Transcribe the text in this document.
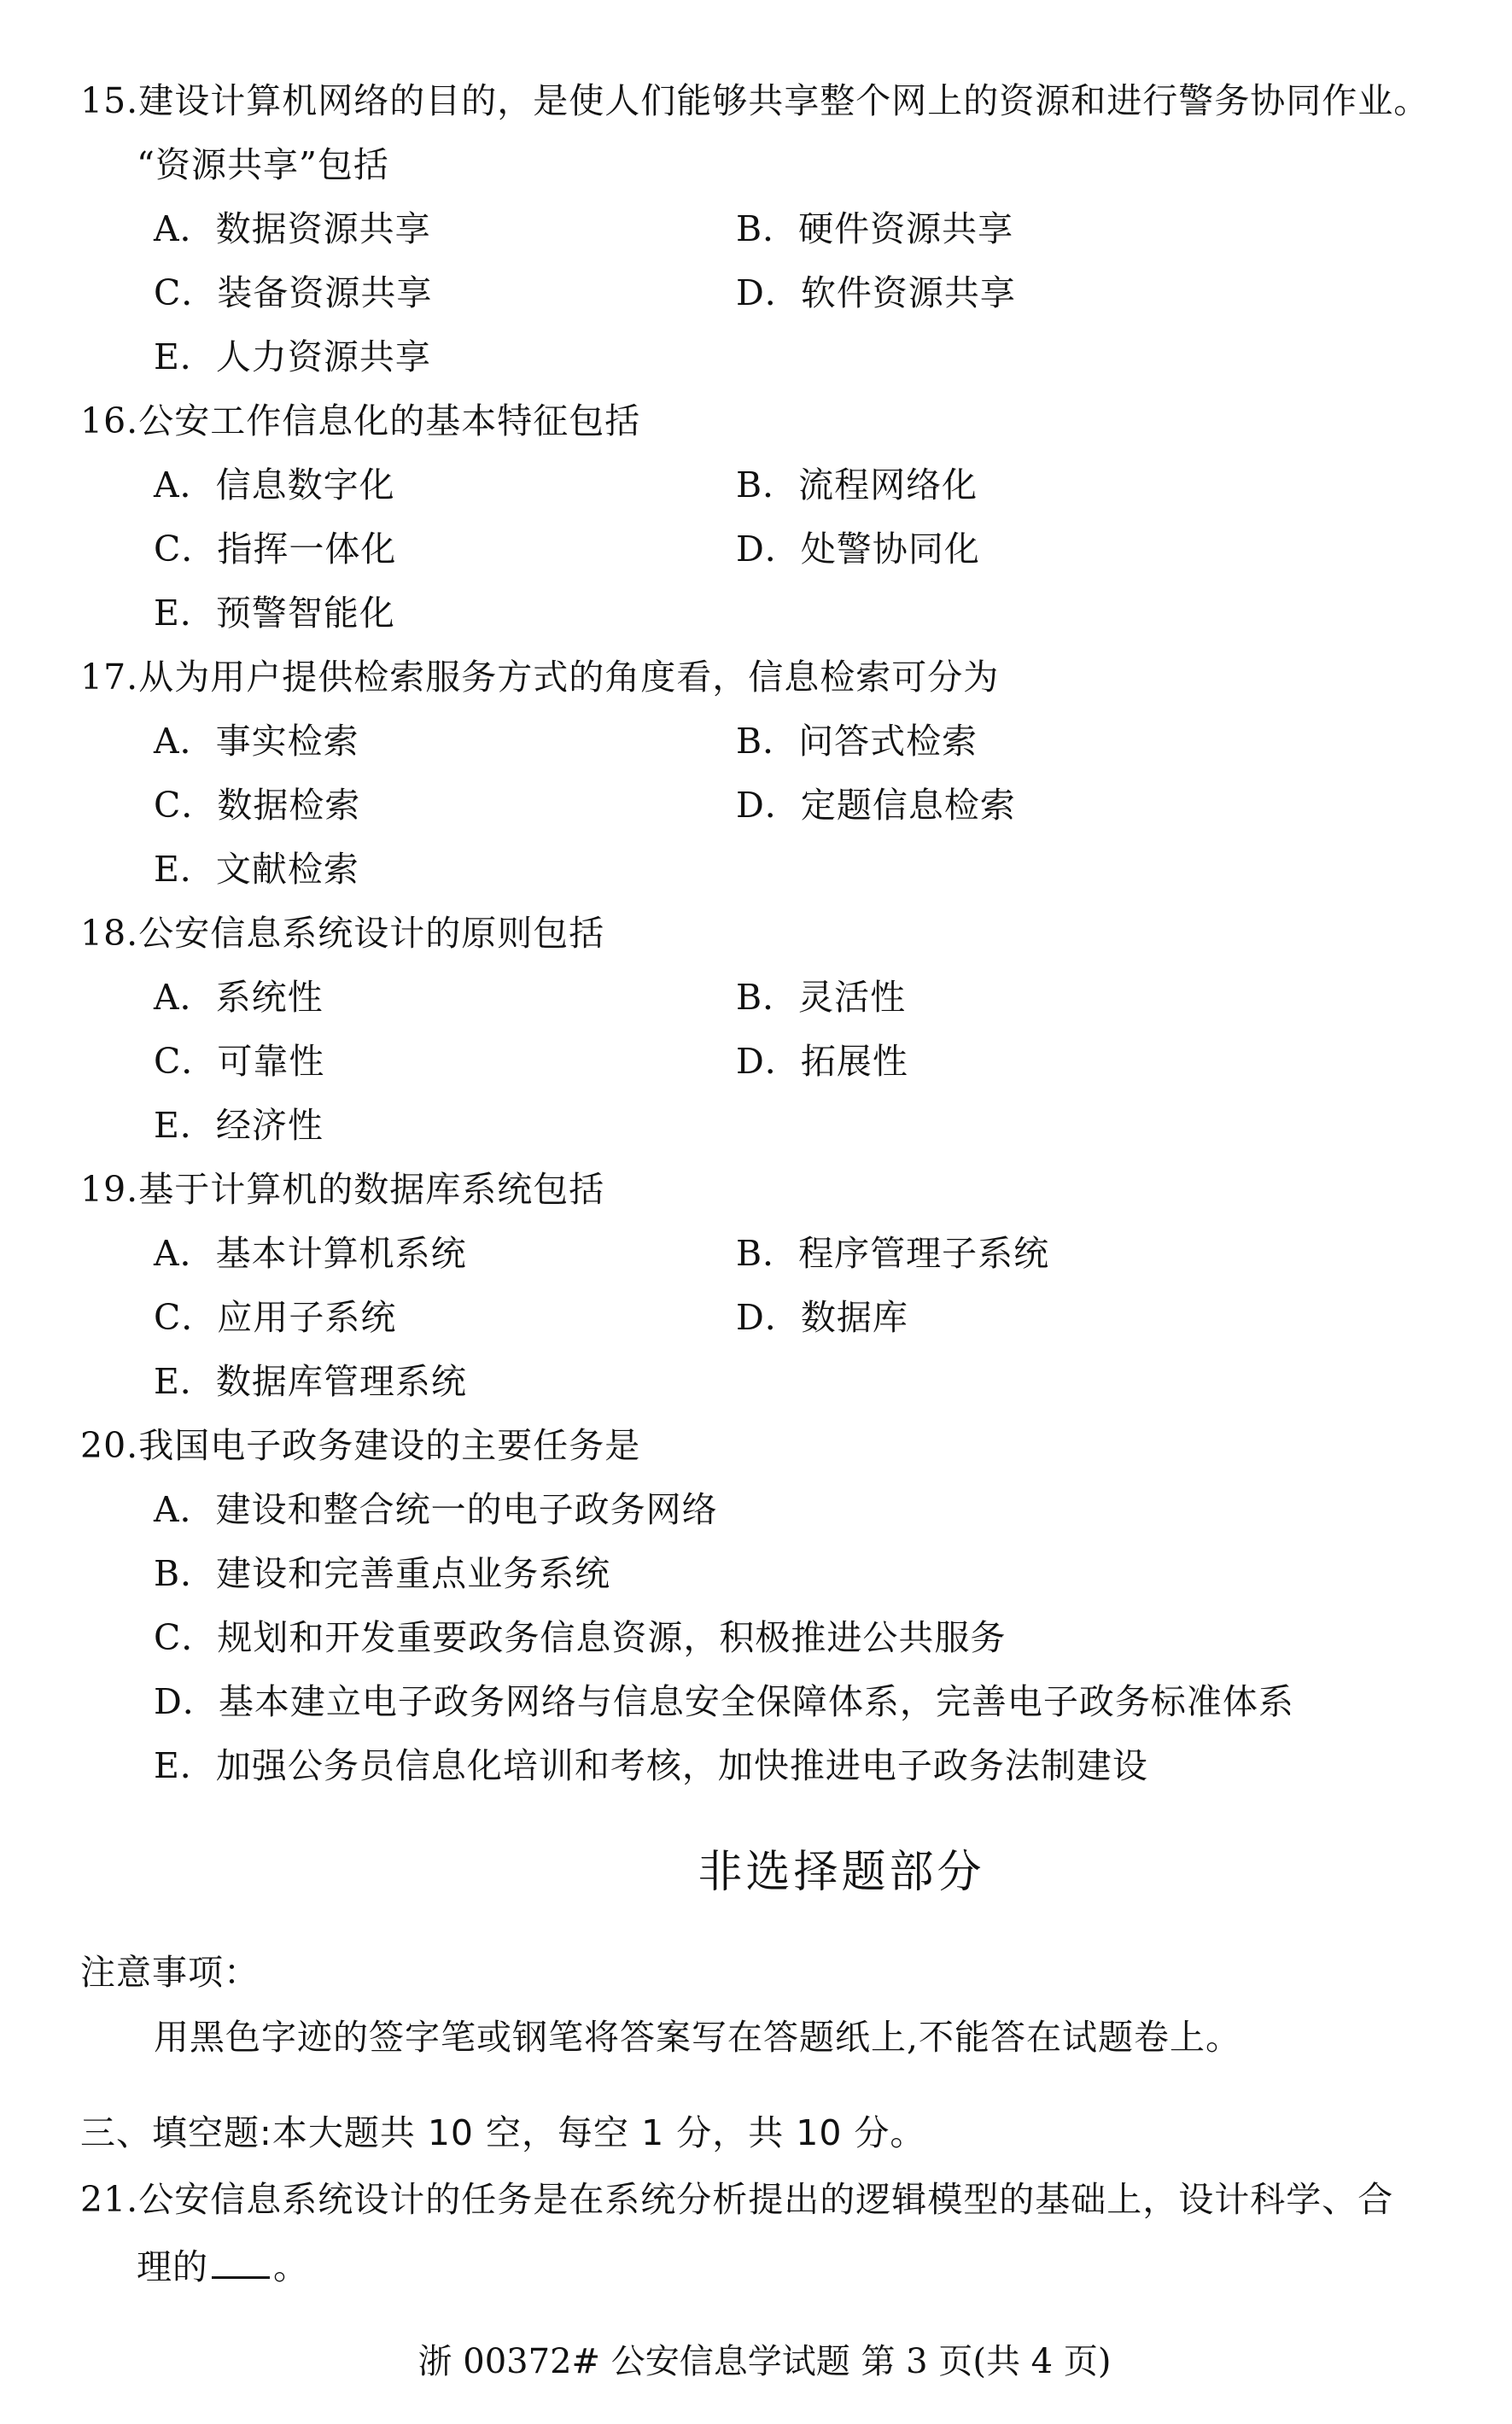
15.建设计算机网络的目的，是使人们能够共享整个网上的资源和进行警务协同作业。
“资源共享”包括
A．数据资源共享	B．硬件资源共享
C．装备资源共享	D．软件资源共享
E．人力资源共享
16.公安工作信息化的基本特征包括
A．信息数字化	B．流程网络化
C．指挥一体化	D．处警协同化
E．预警智能化
17.从为用户提供检索服务方式的角度看，信息检索可分为
A．事实检索	B．问答式检索
C．数据检索	D．定题信息检索
E．文献检索
18.公安信息系统设计的原则包括
A．系统性	B．灵活性
C．可靠性	D．拓展性
E．经济性
19.基于计算机的数据库系统包括
A．基本计算机系统	B．程序管理子系统
C．应用子系统	D．数据库
E．数据库管理系统
20.我国电子政务建设的主要任务是
A．建设和整合统一的电子政务网络
B．建设和完善重点业务系统
C．规划和开发重要政务信息资源，积极推进公共服务
D．基本建立电子政务网络与信息安全保障体系，完善电子政务标准体系
E．加强公务员信息化培训和考核，加快推进电子政务法制建设
非选择题部分
注意事项：
用黑色字迹的签字笔或钢笔将答案写在答题纸上,不能答在试题卷上。
三、填空题:本大题共 10 空，每空 1 分，共 10 分。
21.公安信息系统设计的任务是在系统分析提出的逻辑模型的基础上，设计科学、合
理的 。
浙 00372# 公安信息学试题 第 3 页(共 4 页)
